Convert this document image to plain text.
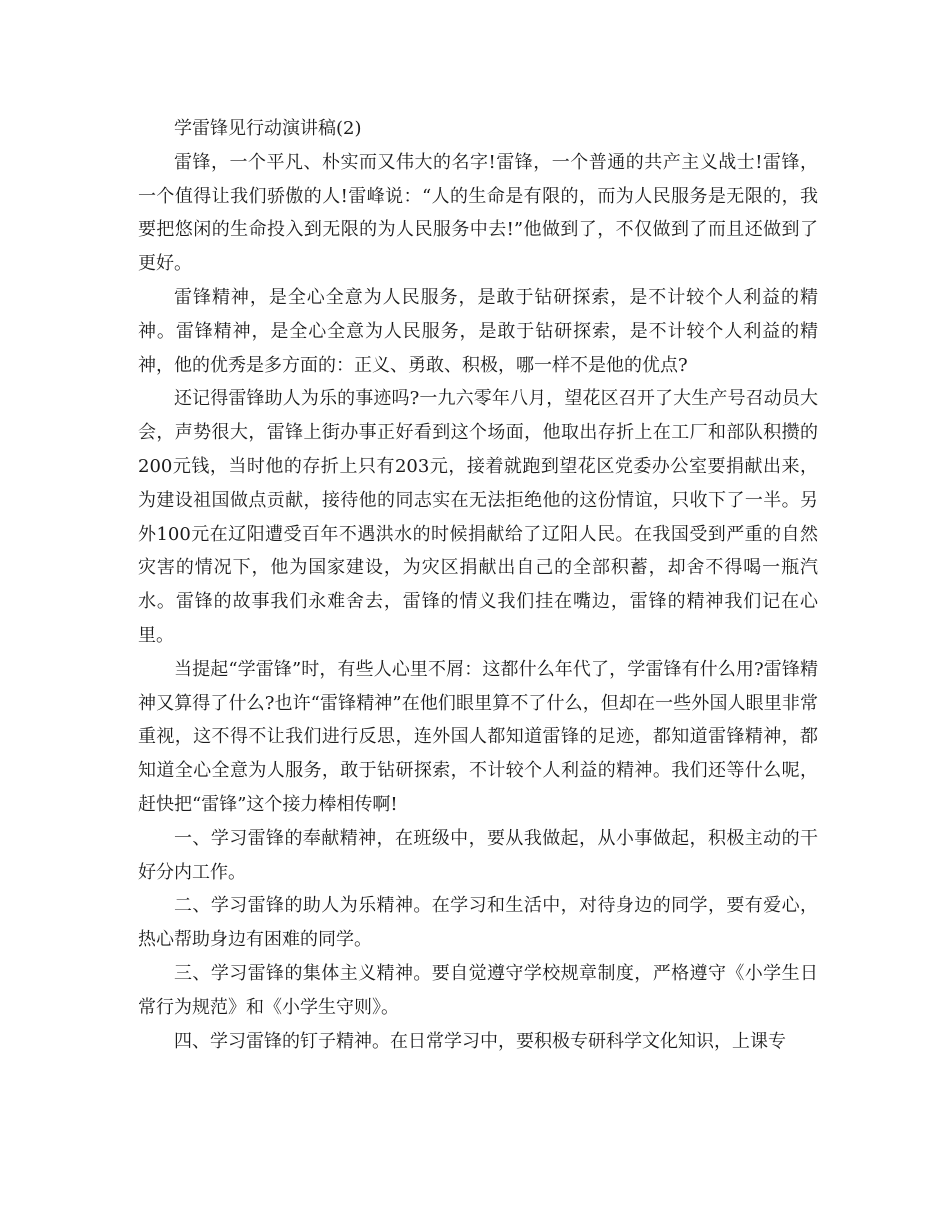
学雷锋见行动演讲稿(2)

雷锋，一个平凡、朴实而又伟大的名字!雷锋，一个普通的共产主义战士!雷锋，一个值得让我们骄傲的人!雷峰说：“人的生命是有限的，而为人民服务是无限的，我要把悠闲的生命投入到无限的为人民服务中去!”他做到了，不仅做到了而且还做到了更好。

雷锋精神，是全心全意为人民服务，是敢于钻研探索，是不计较个人利益的精神。雷锋精神，是全心全意为人民服务，是敢于钻研探索，是不计较个人利益的精神，他的优秀是多方面的：正义、勇敢、积极，哪一样不是他的优点?

还记得雷锋助人为乐的事迹吗?一九六零年八月，望花区召开了大生产号召动员大会，声势很大，雷锋上街办事正好看到这个场面，他取出存折上在工厂和部队积攒的200元钱，当时他的存折上只有203元，接着就跑到望花区党委办公室要捐献出来，为建设祖国做点贡献，接待他的同志实在无法拒绝他的这份情谊，只收下了一半。另外100元在辽阳遭受百年不遇洪水的时候捐献给了辽阳人民。在我国受到严重的自然灾害的情况下，他为国家建设，为灾区捐献出自己的全部积蓄，却舍不得喝一瓶汽水。雷锋的故事我们永难舍去，雷锋的情义我们挂在嘴边，雷锋的精神我们记在心里。

当提起“学雷锋”时，有些人心里不屑：这都什么年代了，学雷锋有什么用?雷锋精神又算得了什么?也许“雷锋精神”在他们眼里算不了什么，但却在一些外国人眼里非常重视，这不得不让我们进行反思，连外国人都知道雷锋的足迹，都知道雷锋精神，都知道全心全意为人服务，敢于钻研探索，不计较个人利益的精神。我们还等什么呢，赶快把“雷锋”这个接力棒相传啊!

一、学习雷锋的奉献精神，在班级中，要从我做起，从小事做起，积极主动的干好分内工作。

二、学习雷锋的助人为乐精神。在学习和生活中，对待身边的同学，要有爱心，热心帮助身边有困难的同学。

三、学习雷锋的集体主义精神。要自觉遵守学校规章制度，严格遵守《小学生日常行为规范》和《小学生守则》。

四、学习雷锋的钉子精神。在日常学习中，要积极专研科学文化知识，上课专
